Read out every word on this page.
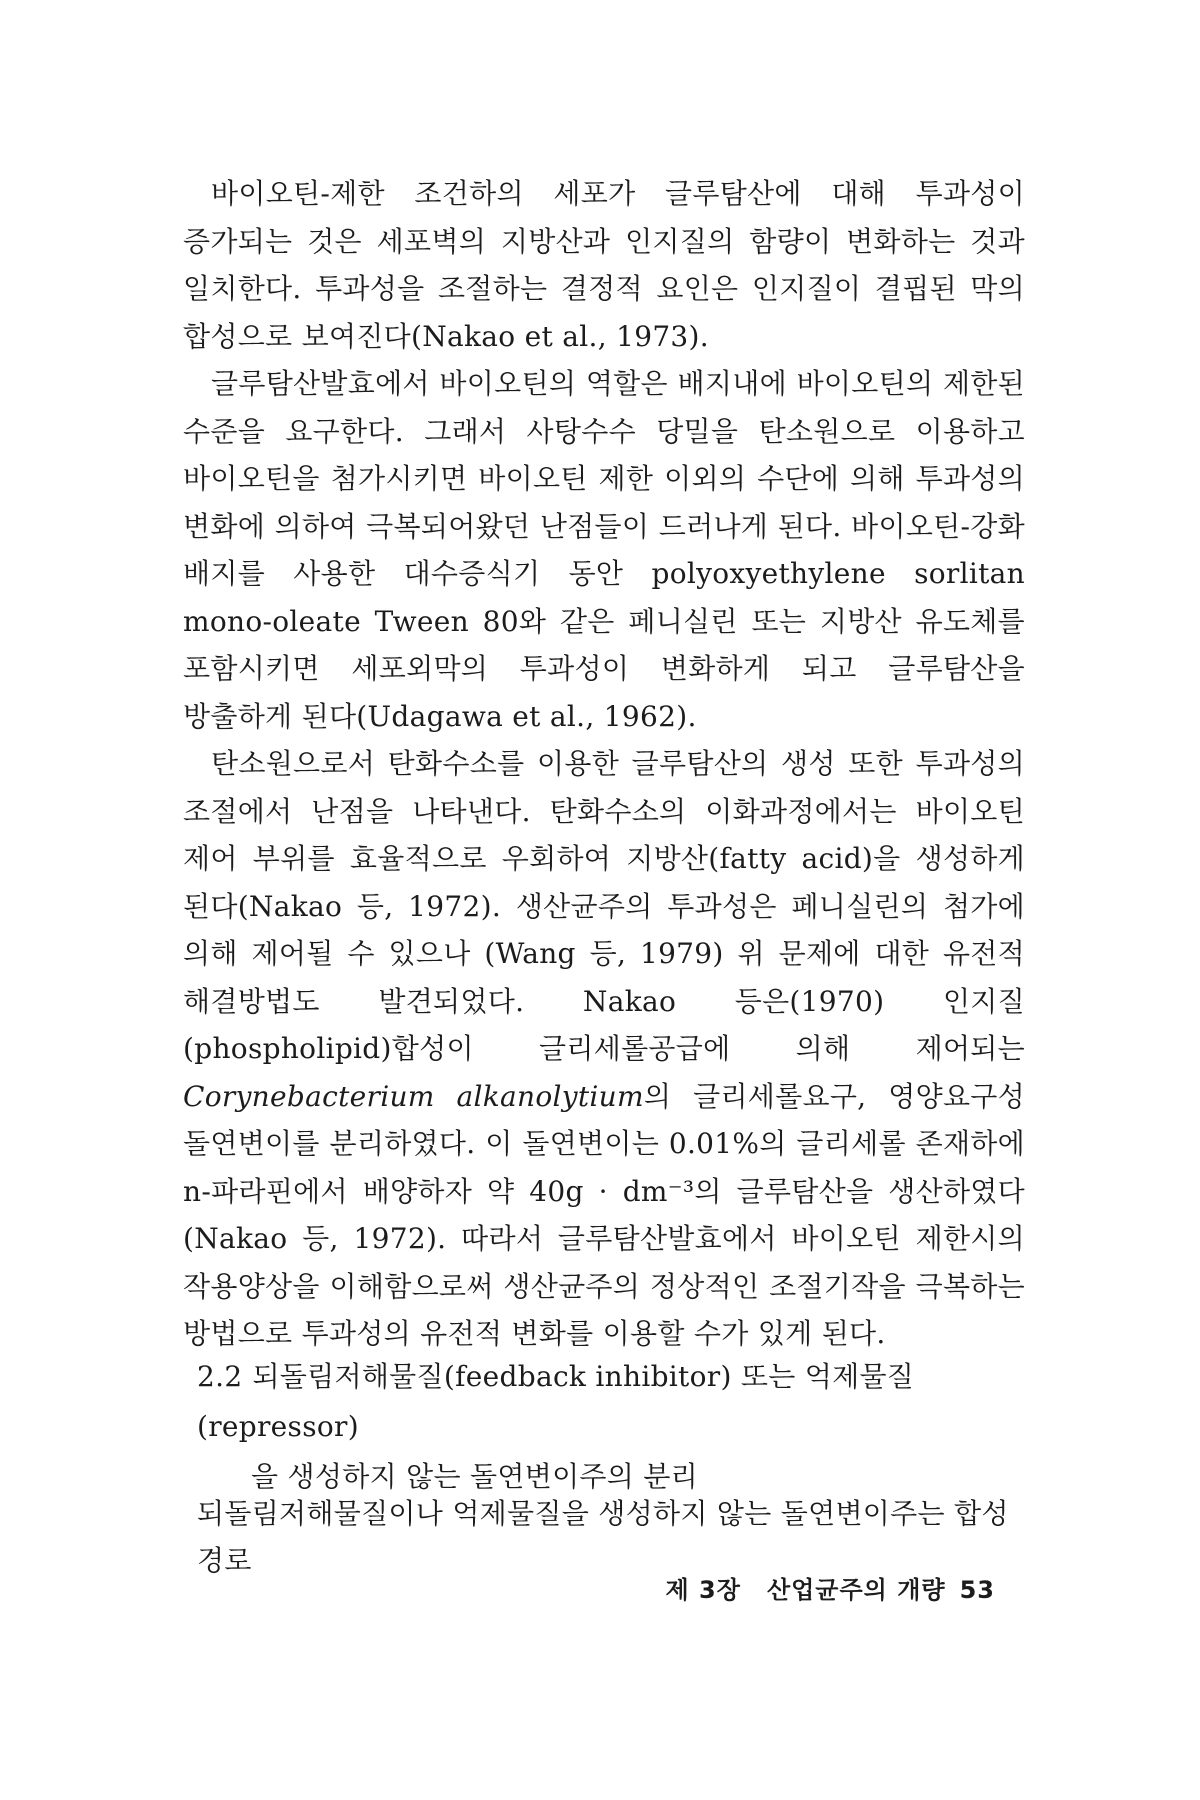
바이오틴-제한 조건하의 세포가 글루탐산에 대해 투과성이 증가되는 것은 세포벽의 지방산과 인지질의 함량이 변화하는 것과 일치한다. 투과성을 조절하는 결정적 요인은 인지질이 결핍된 막의 합성으로 보여진다(Nakao et al., 1973).

글루탐산발효에서 바이오틴의 역할은 배지내에 바이오틴의 제한된 수준을 요구한다. 그래서 사탕수수 당밀을 탄소원으로 이용하고 바이오틴을 첨가시키면 바이오틴 제한 이외의 수단에 의해 투과성의 변화에 의하여 극복되어왔던 난점들이 드러나게 된다. 바이오틴-강화 배지를 사용한 대수증식기 동안 polyoxyethylene sorlitan mono-oleate Tween 80와 같은 페니실린 또는 지방산 유도체를 포함시키면 세포외막의 투과성이 변화하게 되고 글루탐산을 방출하게 된다(Udagawa et al., 1962).

탄소원으로서 탄화수소를 이용한 글루탐산의 생성 또한 투과성의 조절에서 난점을 나타낸다. 탄화수소의 이화과정에서는 바이오틴 제어 부위를 효율적으로 우회하여 지방산(fatty acid)을 생성하게 된다(Nakao 등, 1972). 생산균주의 투과성은 페니실린의 첨가에 의해 제어될 수 있으나 (Wang 등, 1979) 위 문제에 대한 유전적 해결방법도 발견되었다. Nakao 등은(1970) 인지질(phospholipid)합성이 글리세롤공급에 의해 제어되는 Corynebacterium alkanolytium의 글리세롤요구, 영양요구성 돌연변이를 분리하였다. 이 돌연변이는 0.01%의 글리세롤 존재하에 n-파라핀에서 배양하자 약 40g · dm⁻³의 글루탐산을 생산하였다(Nakao 등, 1972). 따라서 글루탐산발효에서 바이오틴 제한시의 작용양상을 이해함으로써 생산균주의 정상적인 조절기작을 극복하는 방법으로 투과성의 유전적 변화를 이용할 수가 있게 된다.

2.2 되돌림저해물질(feedback inhibitor) 또는 억제물질(repressor)
을 생성하지 않는 돌연변이주의 분리
되돌림저해물질이나 억제물질을 생성하지 않는 돌연변이주는 합성 경로
제 3장 산업균주의 개량 53
